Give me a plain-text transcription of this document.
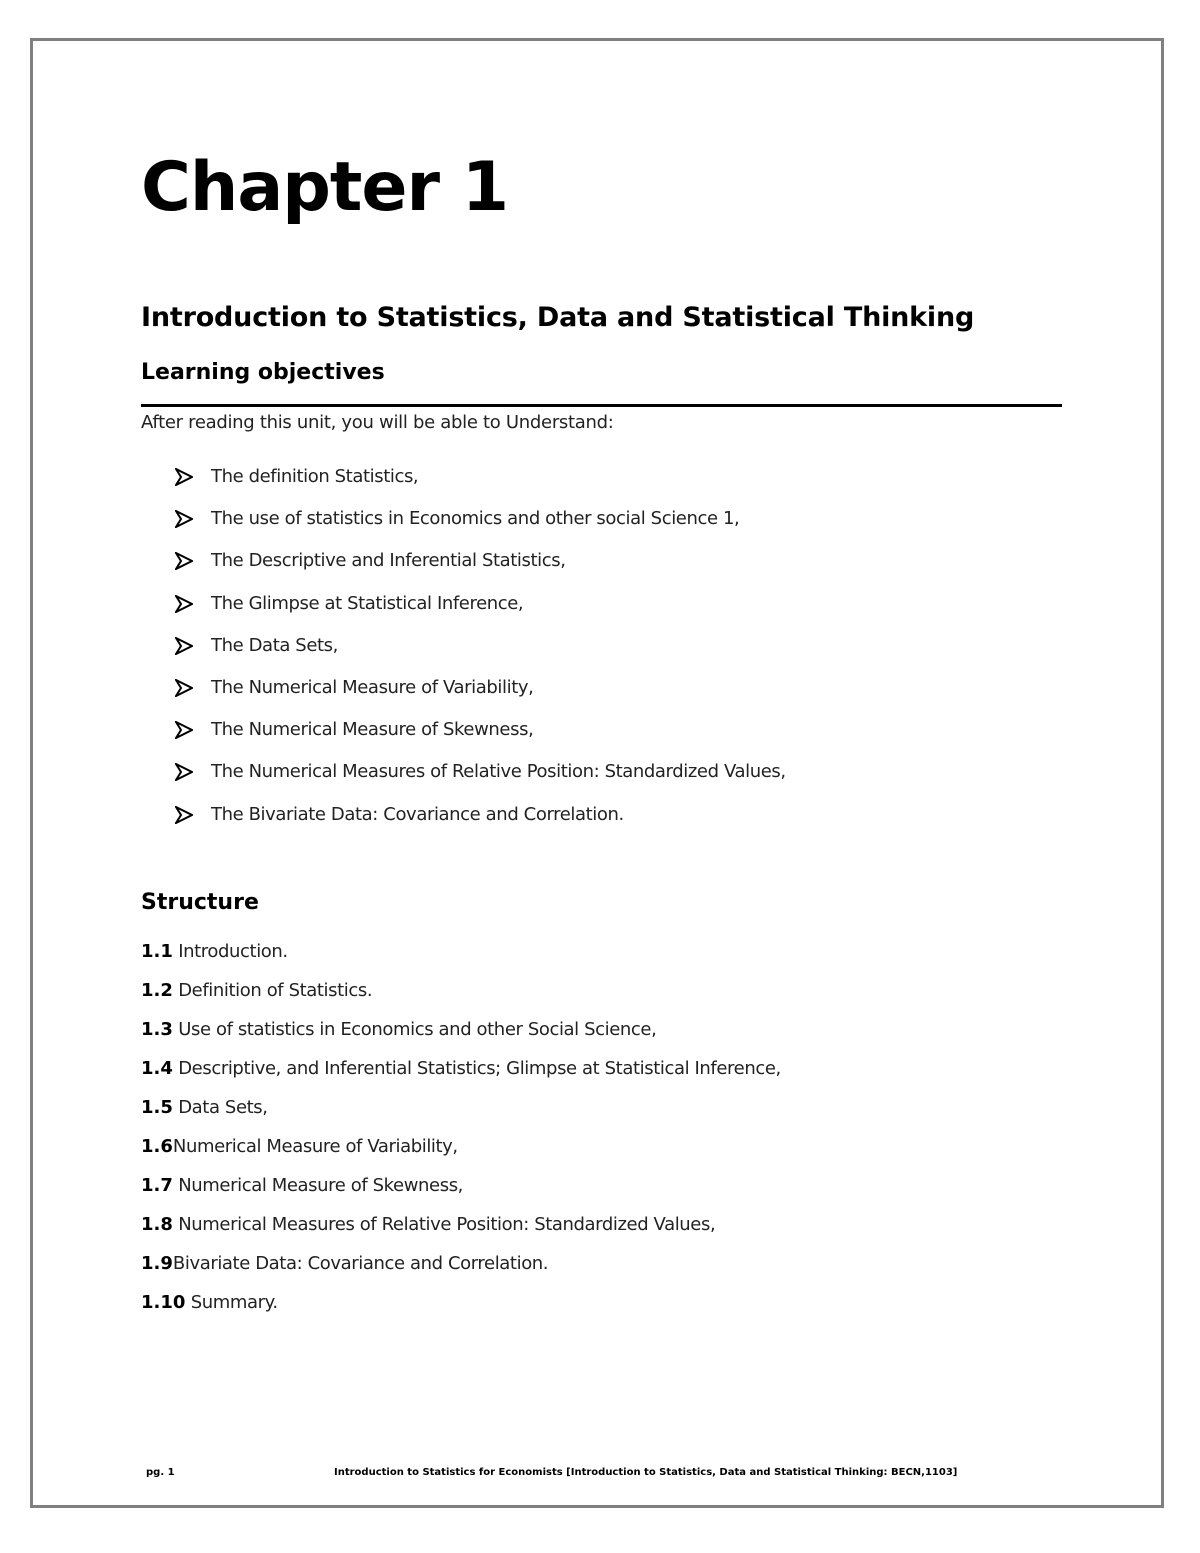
Chapter 1
Introduction to Statistics, Data and Statistical Thinking
Learning objectives
After reading this unit, you will be able to Understand:
The definition Statistics,
The use of statistics in Economics and other social Science 1,
The Descriptive and Inferential Statistics,
The Glimpse at Statistical Inference,
The Data Sets,
The Numerical Measure of Variability,
The Numerical Measure of Skewness,
The Numerical Measures of Relative Position: Standardized Values,
The Bivariate Data: Covariance and Correlation.
Structure
1.1 Introduction.
1.2 Definition of Statistics.
1.3 Use of statistics in Economics and other Social Science,
1.4 Descriptive, and Inferential Statistics; Glimpse at Statistical Inference,
1.5 Data Sets,
1.6 Numerical Measure of Variability,
1.7 Numerical Measure of Skewness,
1.8 Numerical Measures of Relative Position: Standardized Values,
1.9 Bivariate Data: Covariance and Correlation.
1.10 Summary.
pg. 1	Introduction to Statistics for Economists [Introduction to Statistics, Data and Statistical Thinking: BECN,1103]
